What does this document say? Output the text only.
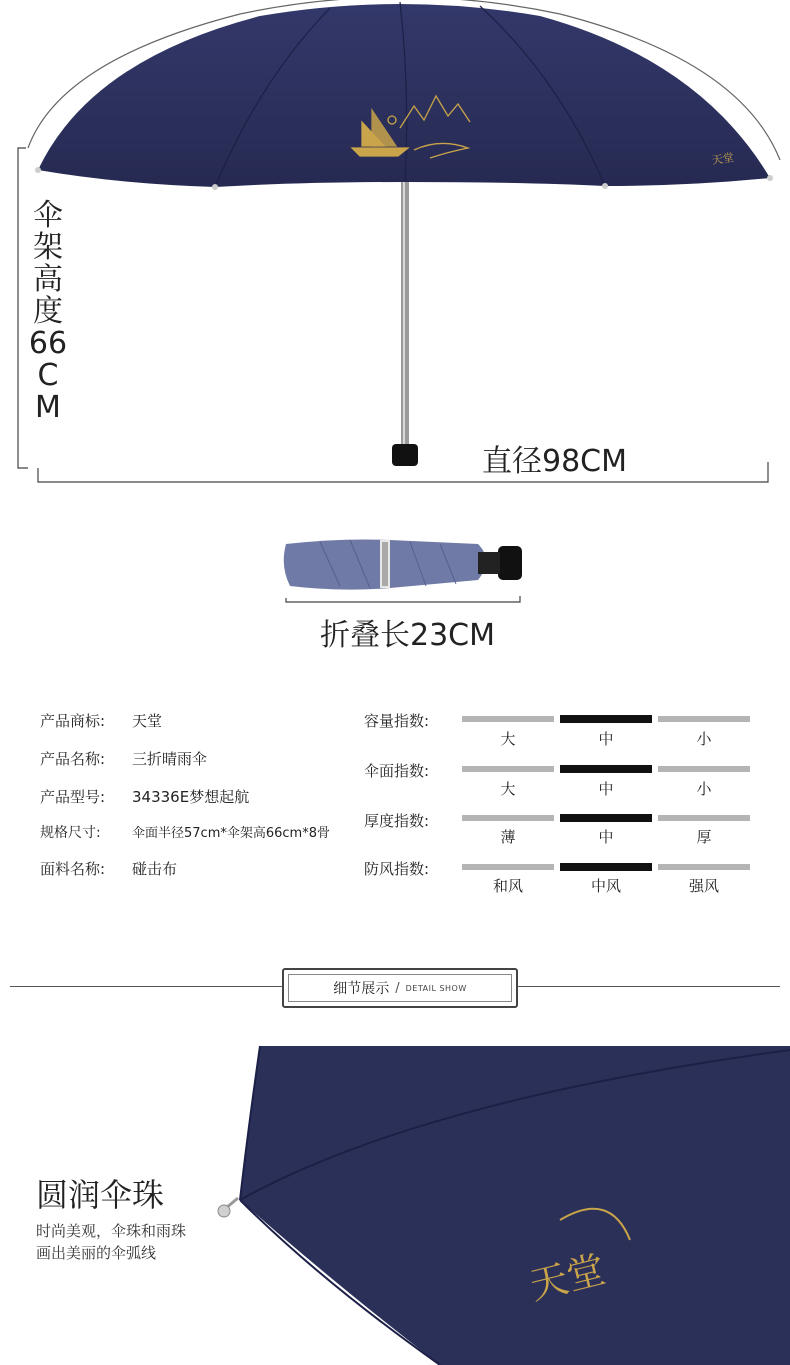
天堂
伞架高度66CM
直径98CM
折叠长23CM
产品商标: 天堂
产品名称: 三折晴雨伞
产品型号: 34336E梦想起航
规格尺寸: 伞面半径57cm*伞架高66cm*8骨
面料名称: 碰击布
容量指数:
大	中	小
伞面指数:
大	中	小
厚度指数:
薄	中	厚
防风指数:
和风	中风	强风
细节展示 / DETAIL SHOW
天堂
圆润伞珠
时尚美观，伞珠和雨珠
画出美丽的伞弧线
